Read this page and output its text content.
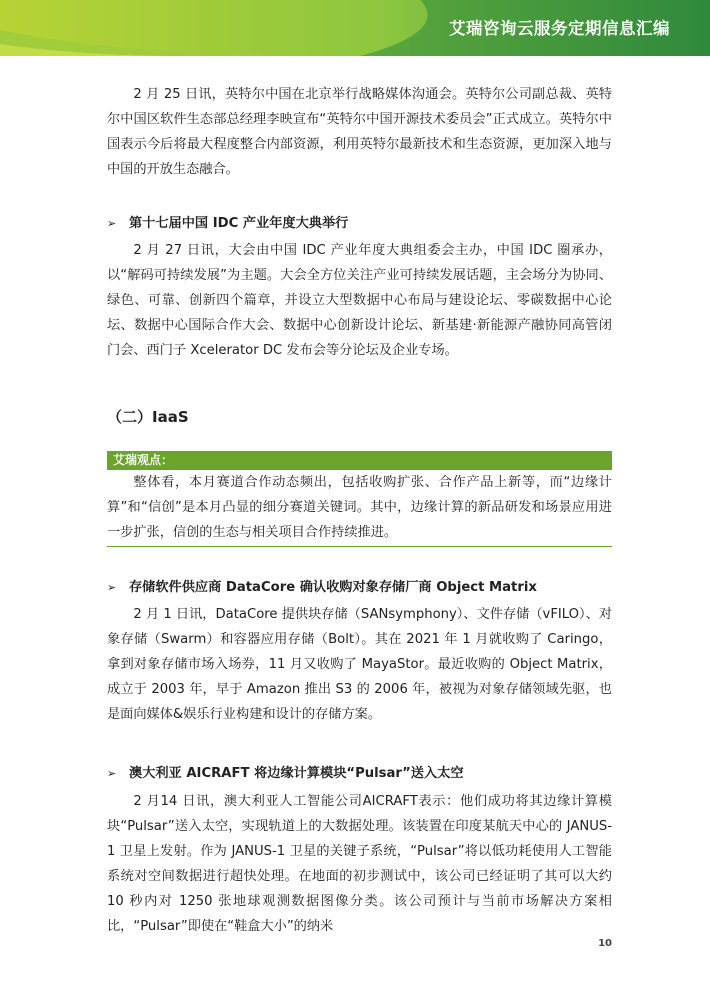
艾瑞咨询云服务定期信息汇编
2 月 25 日讯，英特尔中国在北京举行战略媒体沟通会。英特尔公司副总裁、英特尔中国区软件生态部总经理李映宣布“英特尔中国开源技术委员会”正式成立。英特尔中国表示今后将最大程度整合内部资源，利用英特尔最新技术和生态资源，更加深入地与中国的开放生态融合。
➢ 第十七届中国 IDC 产业年度大典举行
2 月 27 日讯，大会由中国 IDC 产业年度大典组委会主办，中国 IDC 圈承办，以“解码可持续发展”为主题。大会全方位关注产业可持续发展话题，主会场分为协同、绿色、可靠、创新四个篇章，并设立大型数据中心布局与建设论坛、零碳数据中心论坛、数据中心国际合作大会、数据中心创新设计论坛、新基建·新能源产融协同高管闭门会、西门子 Xcelerator DC 发布会等分论坛及企业专场。
（二）IaaS
艾瑞观点：
整体看，本月赛道合作动态频出，包括收购扩张、合作产品上新等，而“边缘计算”和“信创”是本月凸显的细分赛道关键词。其中，边缘计算的新品研发和场景应用进一步扩张，信创的生态与相关项目合作持续推进。
➢ 存储软件供应商 DataCore 确认收购对象存储厂商 Object Matrix
2 月 1 日讯，DataCore 提供块存储（SANsymphony）、文件存储（vFILO）、对象存储（Swarm）和容器应用存储（Bolt）。其在 2021 年 1 月就收购了 Caringo，拿到对象存储市场入场券，11 月又收购了 MayaStor。最近收购的 Object Matrix，成立于 2003 年，早于 Amazon 推出 S3 的 2006 年，被视为对象存储领域先驱，也是面向媒体&娱乐行业构建和设计的存储方案。
➢ 澳大利亚 AICRAFT 将边缘计算模块“Pulsar”送入太空
2 月14 日讯，澳大利亚人工智能公司AICRAFT表示：他们成功将其边缘计算模块“Pulsar”送入太空，实现轨道上的大数据处理。该装置在印度某航天中心的 JANUS-1 卫星上发射。作为 JANUS-1 卫星的关键子系统，“Pulsar”将以低功耗使用人工智能系统对空间数据进行超快处理。在地面的初步测试中，该公司已经证明了其可以大约 10 秒内对 1250 张地球观测数据图像分类。该公司预计与当前市场解决方案相比，“Pulsar”即使在“鞋盒大小”的纳米
10
